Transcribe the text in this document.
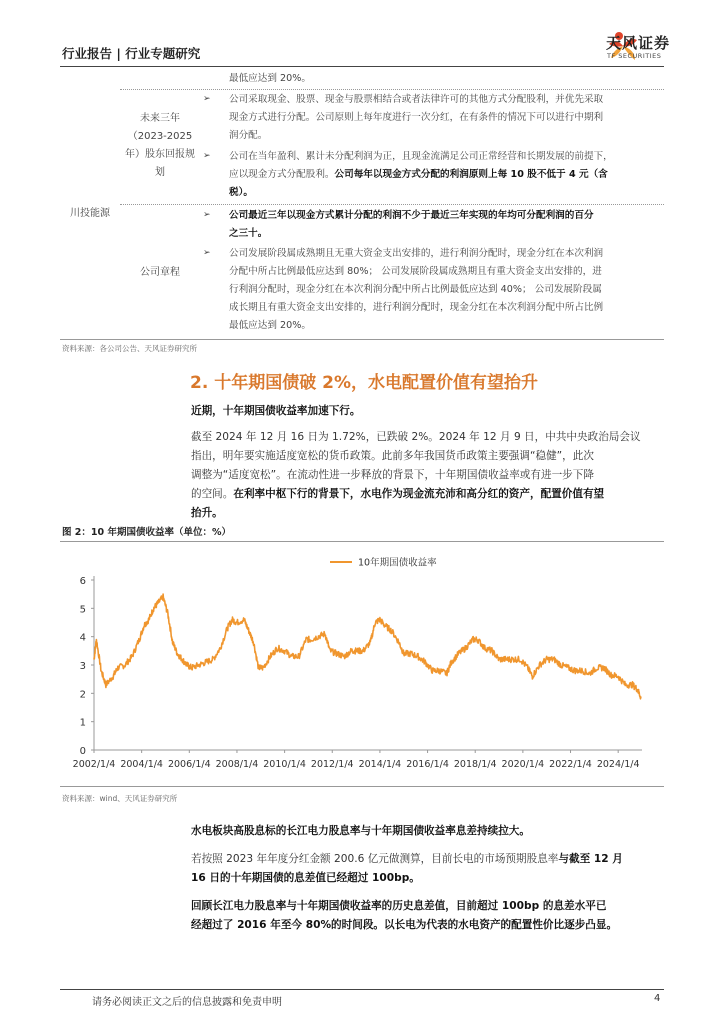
行业报告 | 行业专题研究
天风证券
TF SECURITIES
最低应达到 20%。
未来三年
（2023-2025
年）股东回报规
划
➢ 公司采取现金、股票、现金与股票相结合或者法律许可的其他方式分配股利，并优先采取
现金方式进行分配。公司原则上每年度进行一次分红，在有条件的情况下可以进行中期利
润分配。
➢ 公司在当年盈利、累计未分配利润为正，且现金流满足公司正常经营和长期发展的前提下，
应以现金方式分配股利。公司每年以现金方式分配的利润原则上每 10 股不低于 4 元（含
税）。
川投能源	➢ 公司最近三年以现金方式累计分配的利润不少于最近三年实现的年均可分配利润的百分
之三十。
公司章程
➢ 公司发展阶段属成熟期且无重大资金支出安排的，进行利润分配时，现金分红在本次利润
分配中所占比例最低应达到 80%； 公司发展阶段属成熟期且有重大资金支出安排的，进
行利润分配时，现金分红在本次利润分配中所占比例最低应达到 40%； 公司发展阶段属
成长期且有重大资金支出安排的，进行利润分配时，现金分红在本次利润分配中所占比例
最低应达到 20%。
资料来源：各公司公告、天风证券研究所
2. 十年期国债破 2%，水电配置价值有望抬升
近期，十年期国债收益率加速下行。
截至 2024 年 12 月 16 日为 1.72%，已跌破 2%。2024 年 12 月 9 日，中共中央政治局会议
指出，明年要实施适度宽松的货币政策。此前多年我国货币政策主要强调“稳健”，此次
调整为“适度宽松”。在流动性进一步释放的背景下，十年期国债收益率或有进一步下降
的空间。在利率中枢下行的背景下，水电作为现金流充沛和高分红的资产，配置价值有望
抬升。
图 2：10 年期国债收益率（单位：%）
0
1
2
3
4
5
6
2002/1/4 2004/1/4 2006/1/4 2008/1/4 2010/1/4 2012/1/4 2014/1/4 2016/1/4 2018/1/4 2020/1/4 2022/1/4 2024/1/4
10年期国债收益率
资料来源：wind、天风证券研究所
水电板块高股息标的长江电力股息率与十年期国债收益率息差持续拉大。
若按照 2023 年年度分红金额 200.6 亿元做测算，目前长电的市场预期股息率与截至 12 月
16 日的十年期国债的息差值已经超过 100bp。
回顾长江电力股息率与十年期国债收益率的历史息差值，目前超过 100bp 的息差水平已
经超过了 2016 年至今 80%的时间段。以长电为代表的水电资产的配置性价比逐步凸显。
请务必阅读正文之后的信息披露和免责申明	4
